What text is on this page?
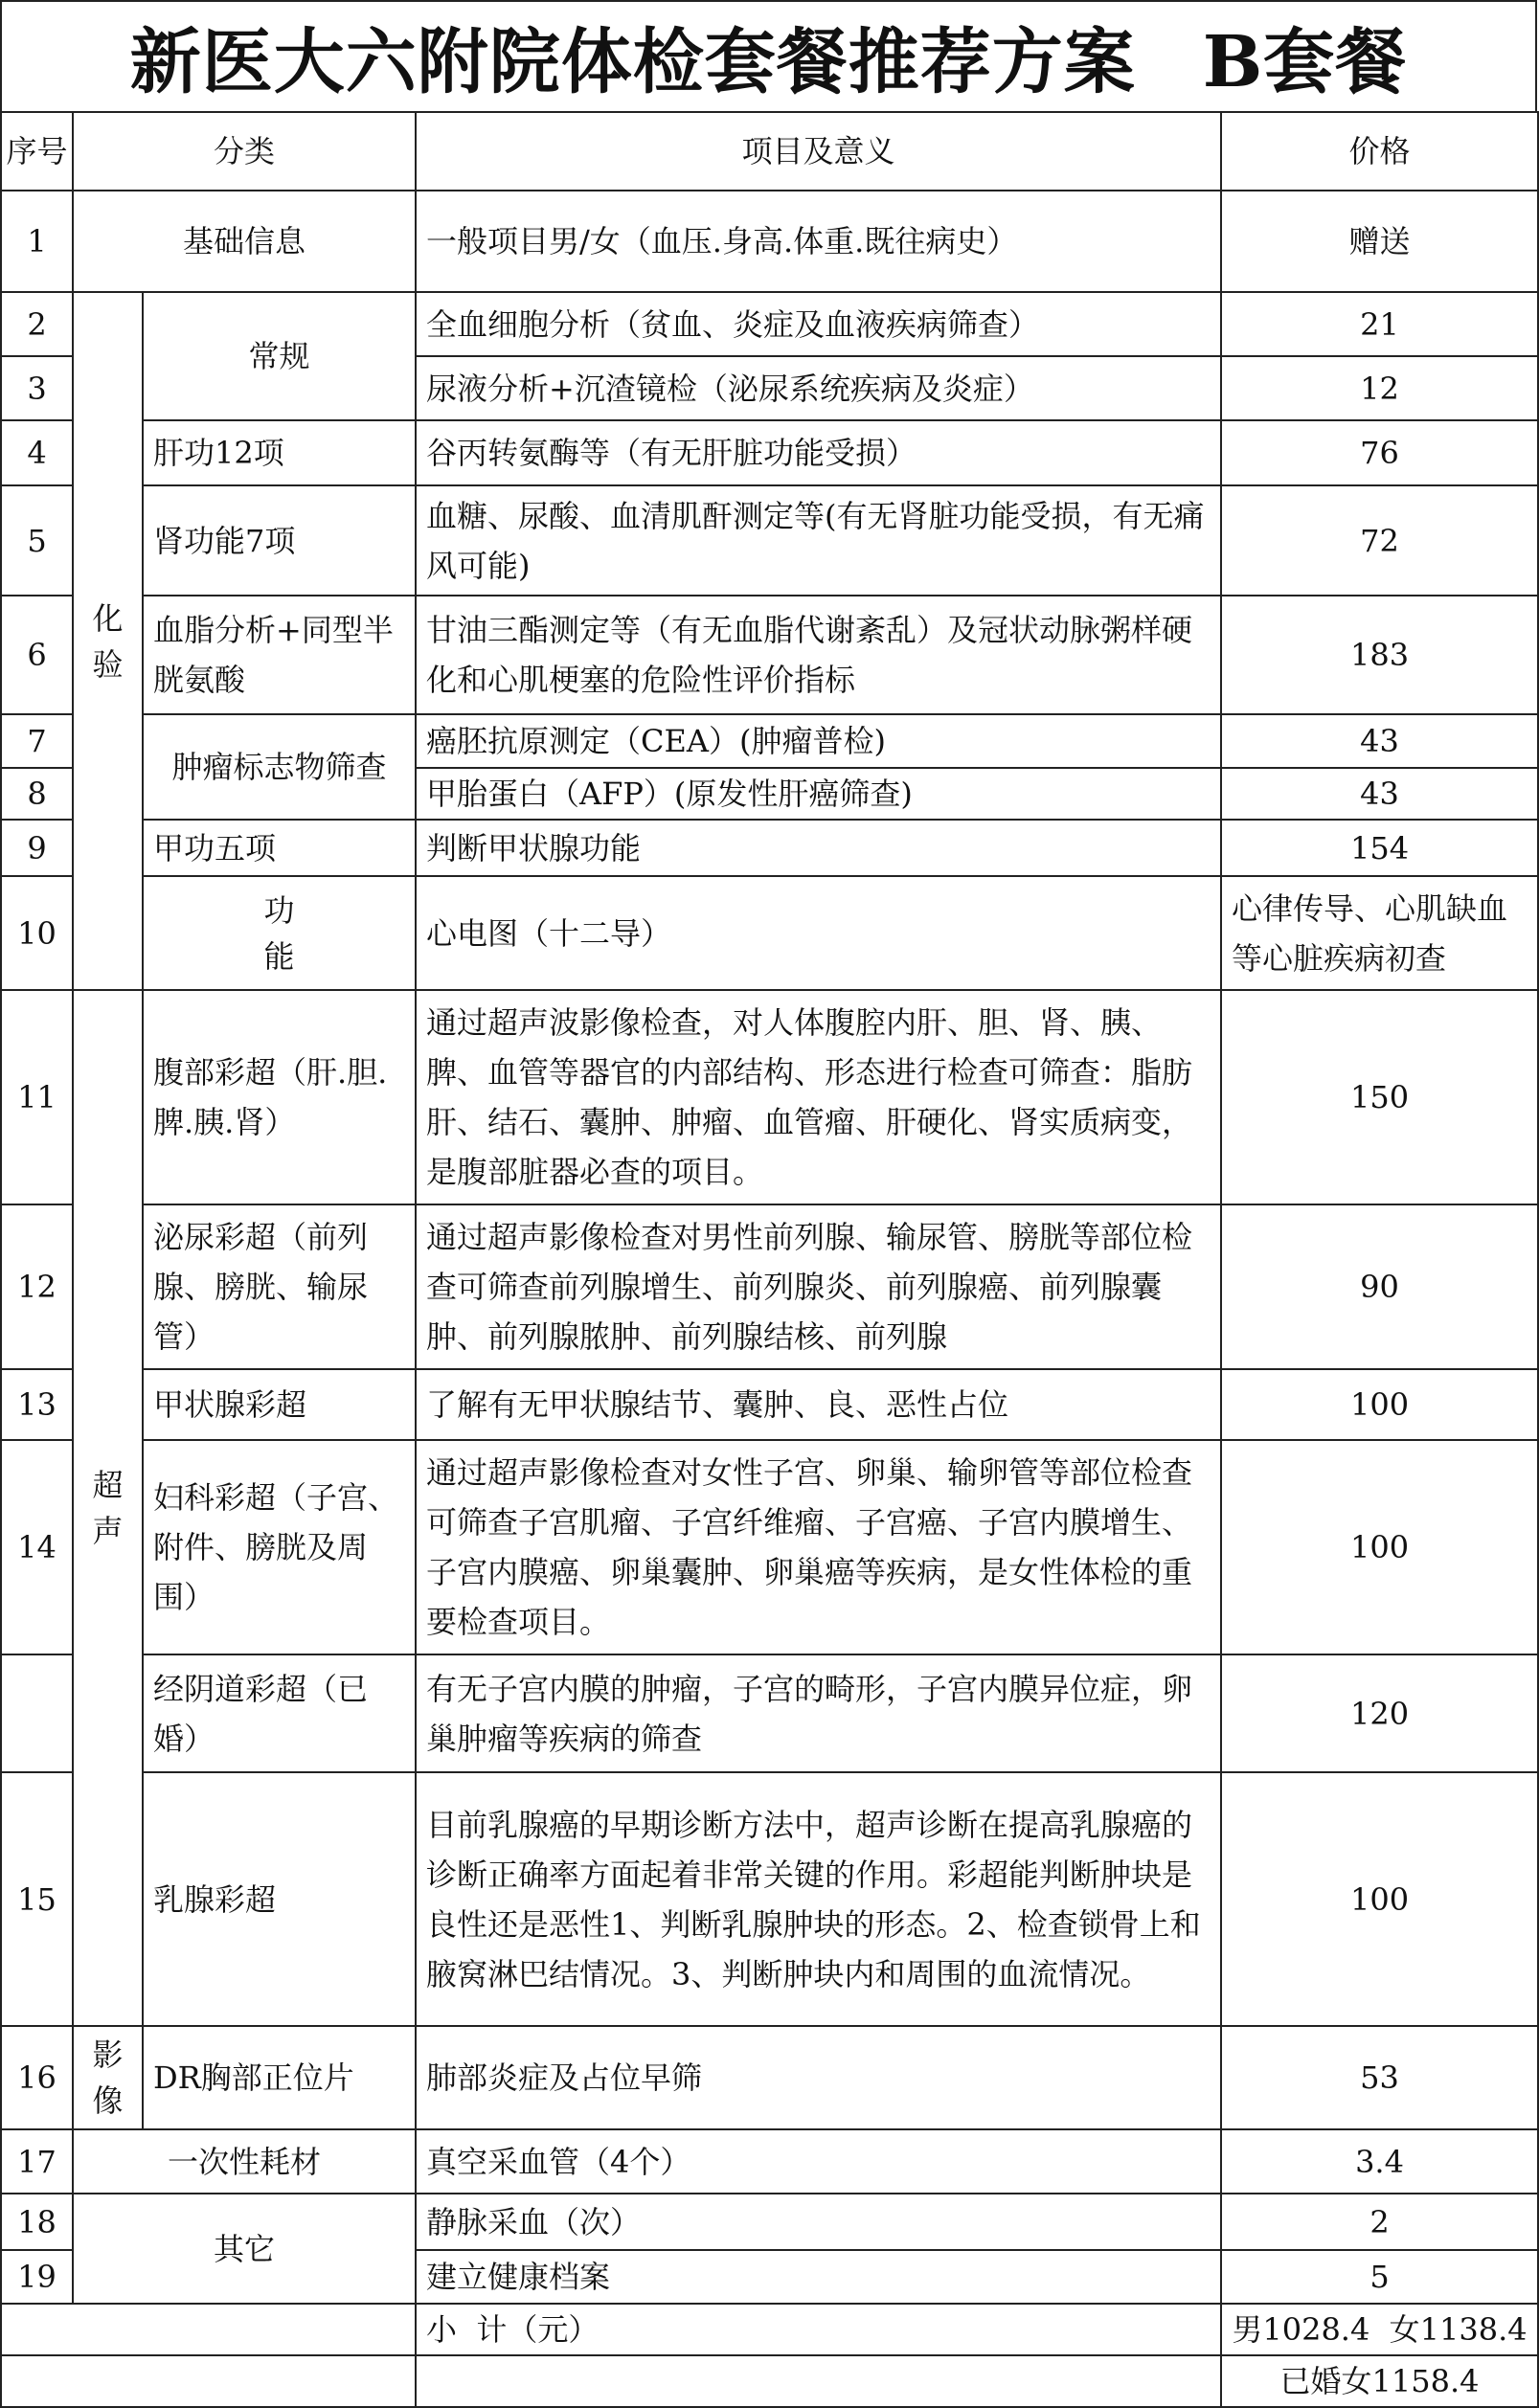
新医大六附院体检套餐推荐方案 B套餐
序号	分类		项目及意义	价格	
1	基础信息		一般项目男/女（血压.身高.体重.既往病史）	赠送	
2	化验	常规	全血细胞分析（贫血、炎症及血液疾病筛查）	21	
3			尿液分析+沉渣镜检（泌尿系统疾病及炎症）	12	
4		肝功12项	谷丙转氨酶等（有无肝脏功能受损）	76	
5		肾功能7项	血糖、尿酸、血清肌酐测定等(有无肾脏功能受损，有无痛风可能)	72	
6		血脂分析+同型半胱氨酸	甘油三酯测定等（有无血脂代谢紊乱）及冠状动脉粥样硬化和心肌梗塞的危险性评价指标	183	
7		肿瘤标志物筛查	癌胚抗原测定（CEA）(肿瘤普检)	43	
8			甲胎蛋白（AFP）(原发性肝癌筛查)	43	
9		甲功五项	判断甲状腺功能	154	
10		功能	心电图（十二导）	心律传导、心肌缺血等心脏疾病初查	
11	超声	腹部彩超（肝.胆.脾.胰.肾）	通过超声波影像检查，对人体腹腔内肝、胆、肾、胰、脾、血管等器官的内部结构、形态进行检查可筛查：脂肪肝、结石、囊肿、肿瘤、血管瘤、肝硬化、肾实质病变，是腹部脏器必查的项目。	150	
12		泌尿彩超（前列腺、膀胱、输尿管）	通过超声影像检查对男性前列腺、输尿管、膀胱等部位检查可筛查前列腺增生、前列腺炎、前列腺癌、前列腺囊肿、前列腺脓肿、前列腺结核、前列腺	90	
13		甲状腺彩超	了解有无甲状腺结节、囊肿、良、恶性占位	100	
14		妇科彩超（子宫、附件、膀胱及周围）	通过超声影像检查对女性子宫、卵巢、输卵管等部位检查可筛查子宫肌瘤、子宫纤维瘤、子宫癌、子宫内膜增生、子宫内膜癌、卵巢囊肿、卵巢癌等疾病，是女性体检的重要检查项目。	100	
		经阴道彩超（已婚）	有无子宫内膜的肿瘤，子宫的畸形，子宫内膜异位症，卵巢肿瘤等疾病的筛查	120	
15		乳腺彩超	目前乳腺癌的早期诊断方法中，超声诊断在提高乳腺癌的诊断正确率方面起着非常关键的作用。彩超能判断肿块是良性还是恶性1、判断乳腺肿块的形态。2、检查锁骨上和腋窝淋巴结情况。3、判断肿块内和周围的血流情况。	100	
16	影像	DR胸部正位片	肺部炎症及占位早筛	53	
17	一次性耗材		真空采血管（4个）	3.4	
18	其它		静脉采血（次）	2	
19			建立健康档案	5	
			小  计（元）	男1028.4  女1138.4	
				已婚女1158.4	
